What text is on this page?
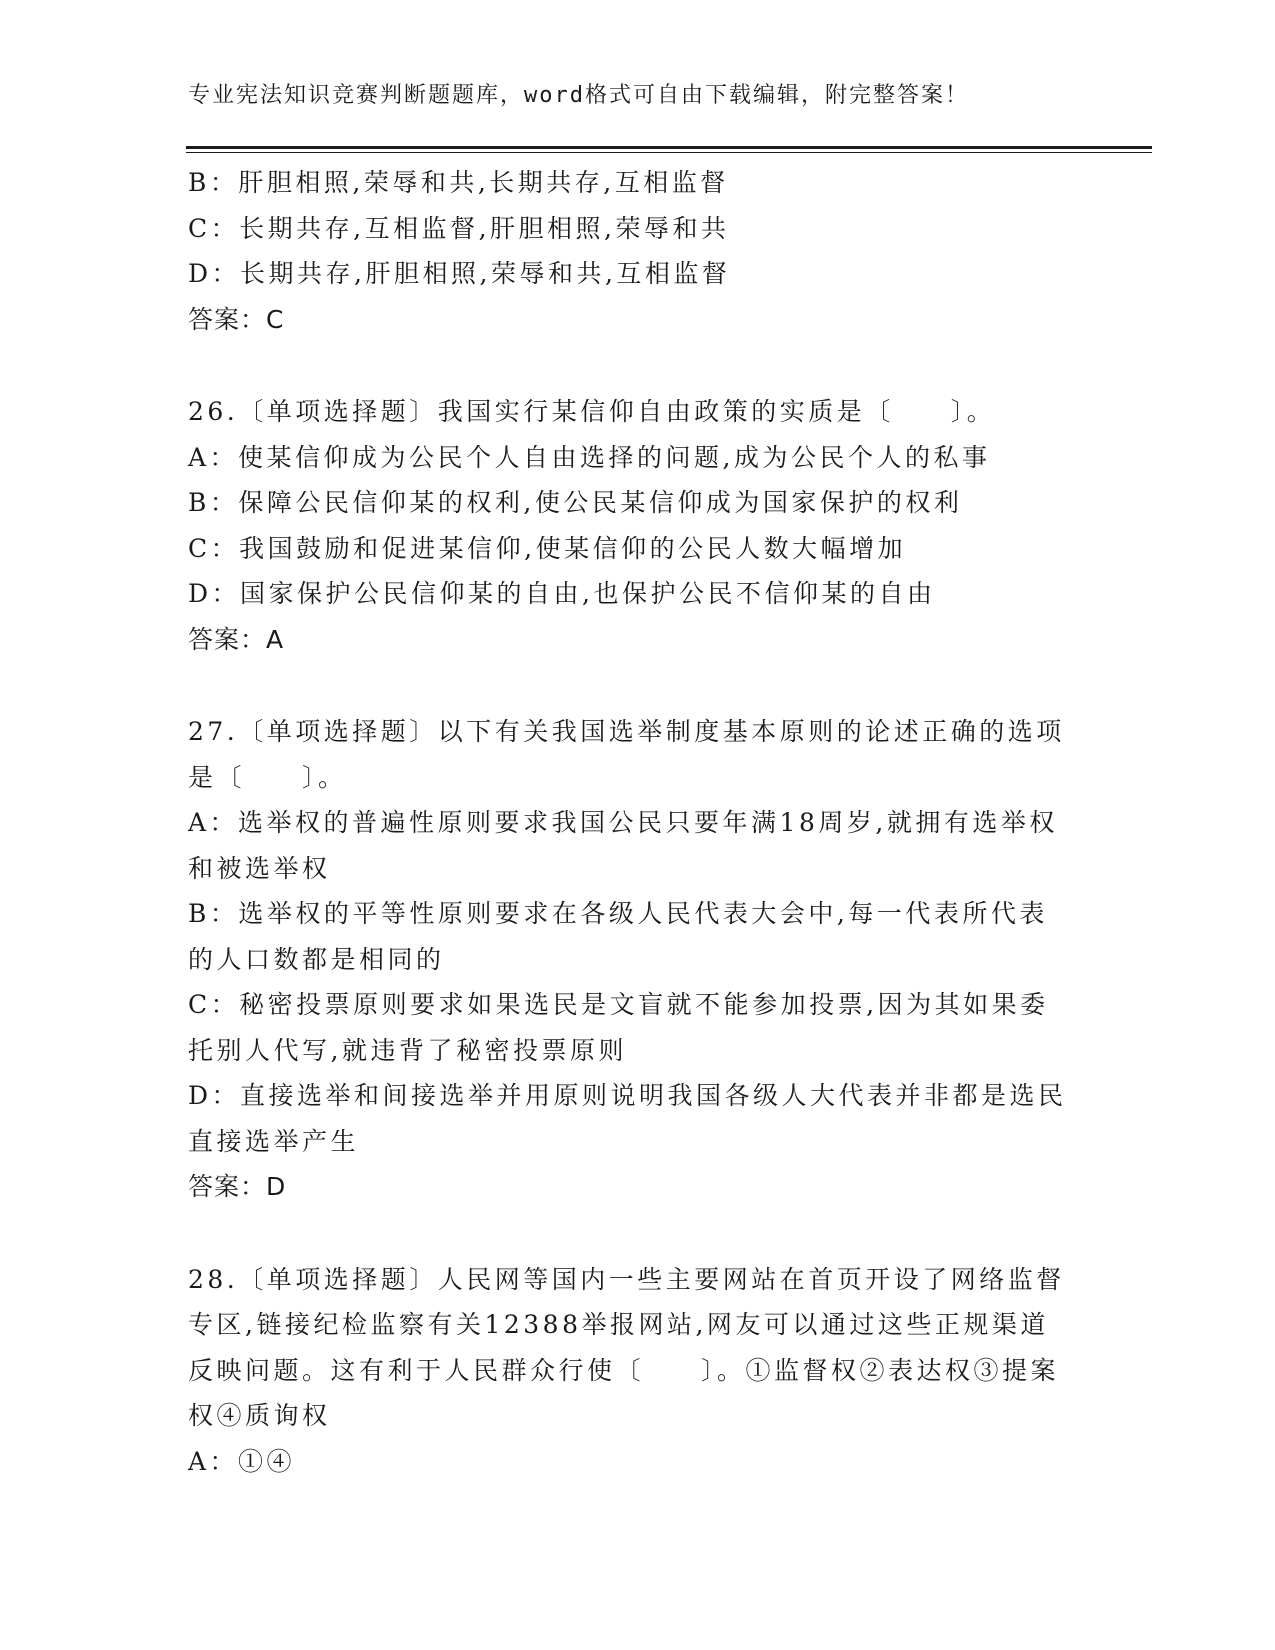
专业宪法知识竞赛判断题题库，word格式可自由下载编辑，附完整答案！
B：肝胆相照,荣辱和共,长期共存,互相监督
C：长期共存,互相监督,肝胆相照,荣辱和共
D：长期共存,肝胆相照,荣辱和共,互相监督
答案：C
26.〔单项选择题〕我国实行某信仰自由政策的实质是〔　　〕。
A：使某信仰成为公民个人自由选择的问题,成为公民个人的私事
B：保障公民信仰某的权利,使公民某信仰成为国家保护的权利
C：我国鼓励和促进某信仰,使某信仰的公民人数大幅增加
D：国家保护公民信仰某的自由,也保护公民不信仰某的自由
答案：A
27.〔单项选择题〕以下有关我国选举制度基本原则的论述正确的选项
是〔　　〕。
A：选举权的普遍性原则要求我国公民只要年满18周岁,就拥有选举权
和被选举权
B：选举权的平等性原则要求在各级人民代表大会中,每一代表所代表
的人口数都是相同的
C：秘密投票原则要求如果选民是文盲就不能参加投票,因为其如果委
托别人代写,就违背了秘密投票原则
D：直接选举和间接选举并用原则说明我国各级人大代表并非都是选民
直接选举产生
答案：D
28.〔单项选择题〕人民网等国内一些主要网站在首页开设了网络监督
专区,链接纪检监察有关12388举报网站,网友可以通过这些正规渠道
反映问题。这有利于人民群众行使〔　　〕。①监督权②表达权③提案
权④质询权
A：①④
